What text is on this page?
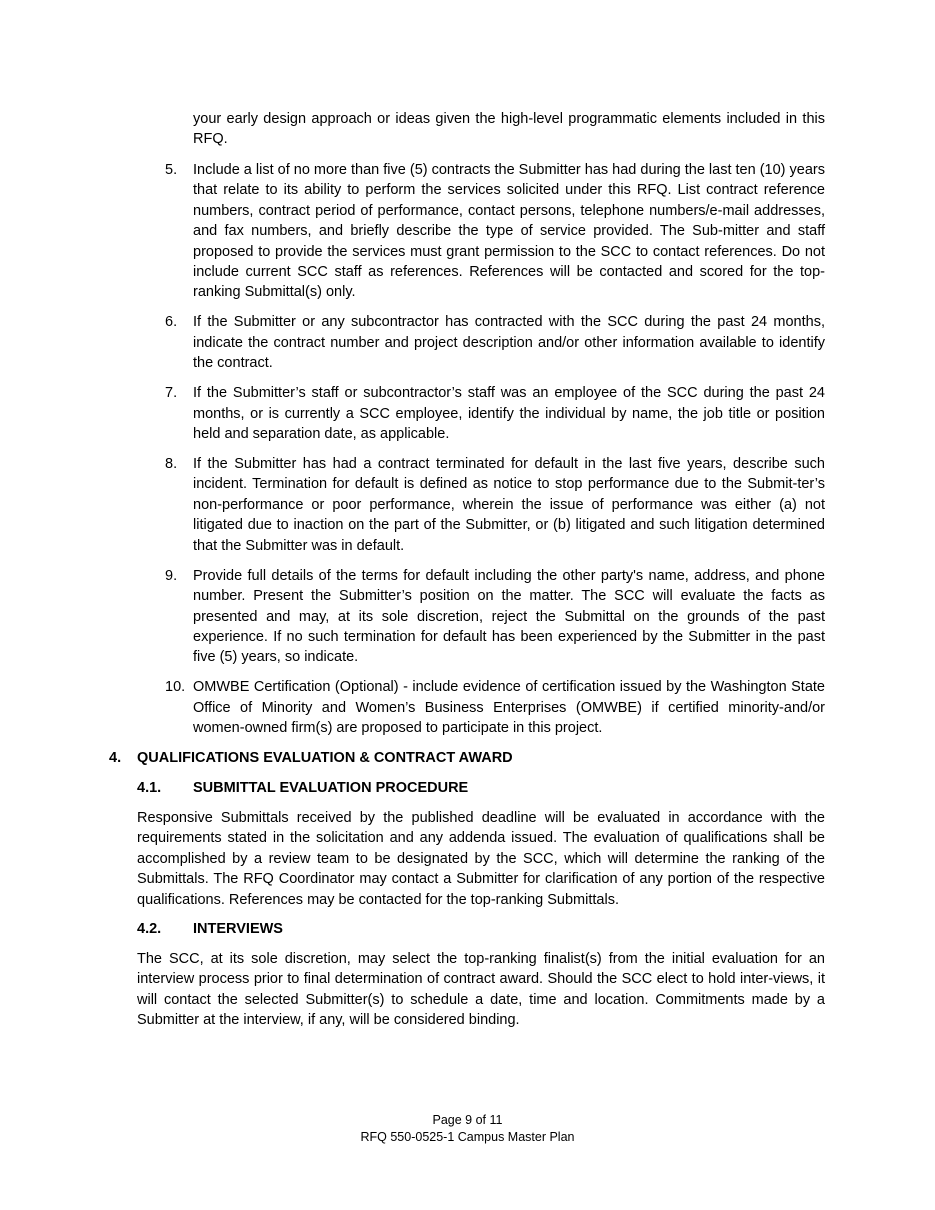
your early design approach or ideas given the high-level programmatic elements included in this RFQ.

5.	Include a list of no more than five (5) contracts the Submitter has had during the last ten (10) years that relate to its ability to perform the services solicited under this RFQ. List contract reference numbers, contract period of performance, contact persons, telephone numbers/e-mail addresses, and fax numbers, and briefly describe the type of service provided. The Sub-mitter and staff proposed to provide the services must grant permission to the SCC to contact references. Do not include current SCC staff as references. References will be contacted and scored for the top-ranking Submittal(s) only.
6.	If the Submitter or any subcontractor has contracted with the SCC during the past 24 months, indicate the contract number and project description and/or other information available to identify the contract.
7.	If the Submitter’s staff or subcontractor’s staff was an employee of the SCC during the past 24 months, or is currently a SCC employee, identify the individual by name, the job title or position held and separation date, as applicable.
8.	If the Submitter has had a contract terminated for default in the last five years, describe such incident. Termination for default is defined as notice to stop performance due to the Submit-ter’s non-performance or poor performance, wherein the issue of performance was either (a) not litigated due to inaction on the part of the Submitter, or (b) litigated and such litigation determined that the Submitter was in default.
9.	Provide full details of the terms for default including the other party's name, address, and phone number. Present the Submitter’s position on the matter. The SCC will evaluate the facts as presented and may, at its sole discretion, reject the Submittal on the grounds of the past experience. If no such termination for default has been experienced by the Submitter in the past five (5) years, so indicate.
10. OMWBE Certification (Optional) - include evidence of certification issued by the Washington State Office of Minority and Women’s Business Enterprises (OMWBE) if certified minority-and/or women-owned firm(s) are proposed to participate in this project.
4. QUALIFICATIONS EVALUATION & CONTRACT AWARD
4.1. SUBMITTAL EVALUATION PROCEDURE

Responsive Submittals received by the published deadline will be evaluated in accordance with the requirements stated in the solicitation and any addenda issued. The evaluation of qualifications shall be accomplished by a review team to be designated by the SCC, which will determine the ranking of the Submittals. The RFQ Coordinator may contact a Submitter for clarification of any portion of the respective qualifications. References may be contacted for the top-ranking Submittals.

4.2. INTERVIEWS

The SCC, at its sole discretion, may select the top-ranking finalist(s) from the initial evaluation for an interview process prior to final determination of contract award. Should the SCC elect to hold inter-views, it will contact the selected Submitter(s) to schedule a date, time and location. Commitments made by a Submitter at the interview, if any, will be considered binding.

Page 9 of 11
RFQ 550-0525-1 Campus Master Plan
